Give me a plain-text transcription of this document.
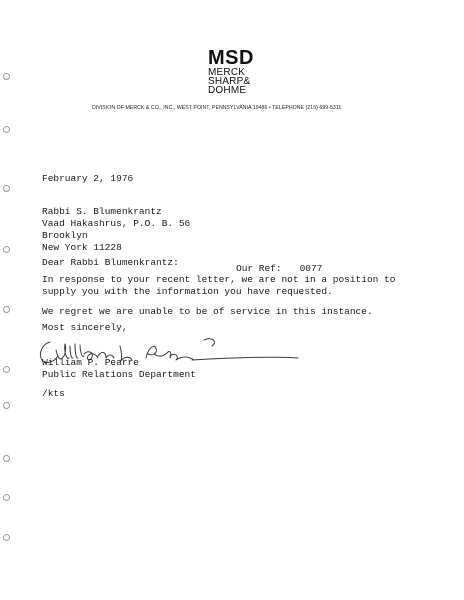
MSD
MERCK
SHARP&
DOHME
DIVISION OF MERCK & CO., INC., WEST POINT, PENNSYLVANIA 19486 • TELEPHONE (215) 699-5311
February 2, 1976
Rabbi S. Blumenkrantz
Vaad Hakashrus, P.O. B. 56
Brooklyn
New York 11228
Dear Rabbi Blumenkrantz:
Our Ref: 0077
In response to your recent letter, we are not in a position to
supply you with the information you have requested.
We regret we are unable to be of service in this instance.
Most sincerely,
William P. Pearre
Public Relations Department
/kts
